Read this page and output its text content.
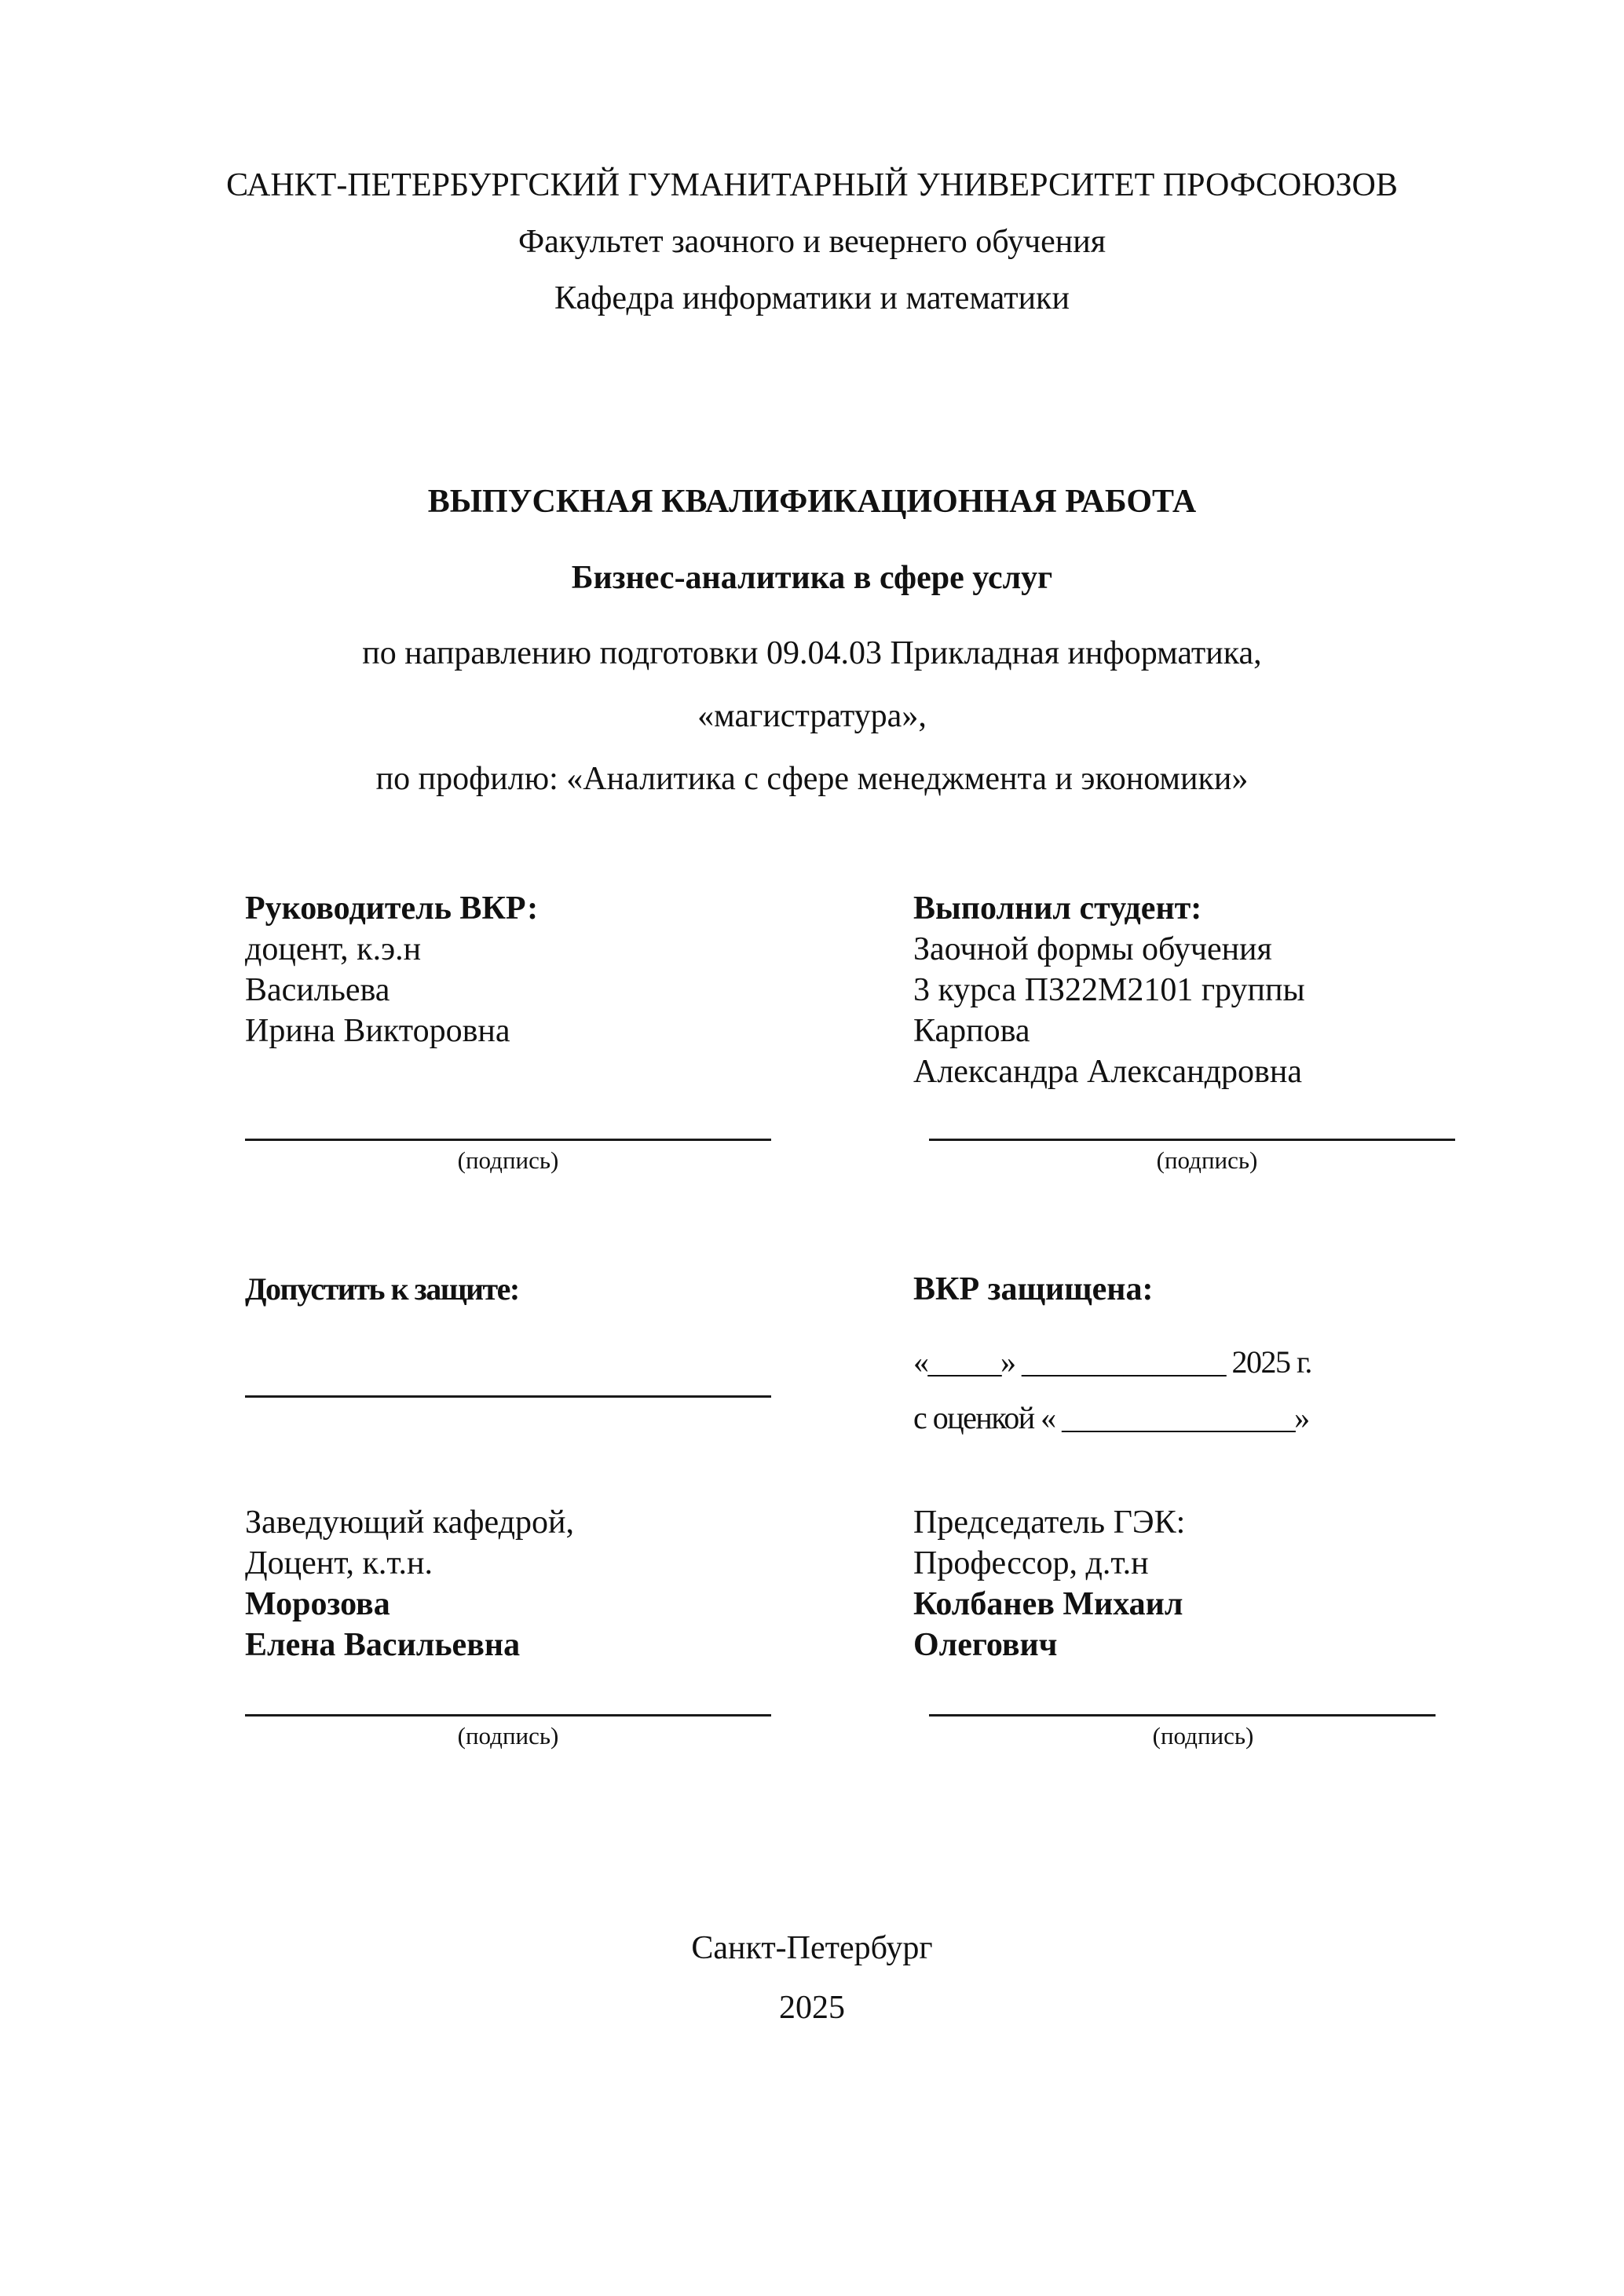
САНКТ-ПЕТЕРБУРГСКИЙ ГУМАНИТАРНЫЙ УНИВЕРСИТЕТ ПРОФСОЮЗОВ
Факультет заочного и вечернего обучения
Кафедра информатики и математики
ВЫПУСКНАЯ КВАЛИФИКАЦИОННАЯ РАБОТА
Бизнес-аналитика в сфере услуг
по направлению подготовки 09.04.03 Прикладная информатика,
«магистратура»,
по профилю: «Аналитика с сфере менеджмента и экономики»
Руководитель ВКР:
доцент, к.э.н
Васильева
Ирина Викторовна
(подпись)
Выполнил студент:
Заочной формы обучения
3 курса ПЗ22М2101 группы
Карпова
Александра Александровна
(подпись)
Допустить к защите:	ВКР защищена:
«_____» ______________ 2025 г.
с оценкой « ________________»
Заведующий кафедрой,
Доцент, к.т.н.
Морозова
Елена Васильевна
(подпись)
Председатель ГЭК:
Профессор, д.т.н
Колбанев Михаил
Олегович
(подпись)
Санкт-Петербург
2025
